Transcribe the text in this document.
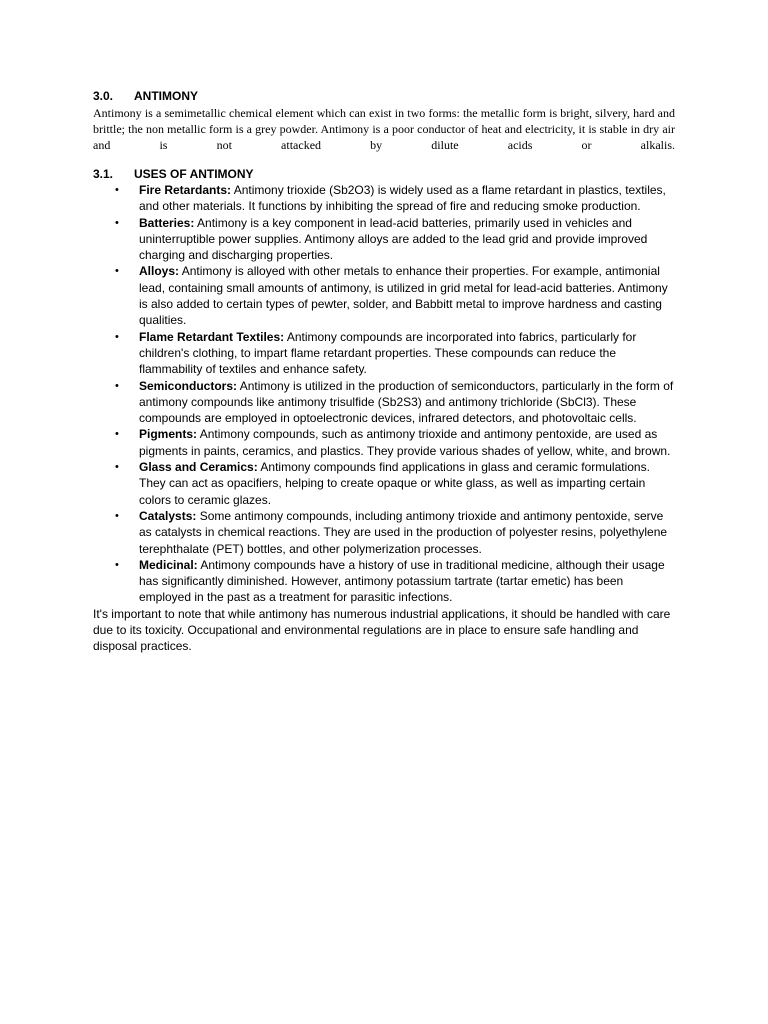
3.0.	ANTIMONY

Antimony is a semimetallic chemical element which can exist in two forms: the metallic form is bright, silvery, hard and brittle; the non metallic form is a grey powder. Antimony is a poor conductor of heat and electricity, it is stable in dry air and is not attacked by dilute acids or alkalis.

3.1.	USES OF ANTIMONY
• Fire Retardants: Antimony trioxide (Sb2O3) is widely used as a flame retardant in plastics, textiles, and other materials. It functions by inhibiting the spread of fire and reducing smoke production.
• Batteries: Antimony is a key component in lead-acid batteries, primarily used in vehicles and uninterruptible power supplies. Antimony alloys are added to the lead grid and provide improved charging and discharging properties.
• Alloys: Antimony is alloyed with other metals to enhance their properties. For example, antimonial lead, containing small amounts of antimony, is utilized in grid metal for lead-acid batteries. Antimony is also added to certain types of pewter, solder, and Babbitt metal to improve hardness and casting qualities.
• Flame Retardant Textiles: Antimony compounds are incorporated into fabrics, particularly for children's clothing, to impart flame retardant properties. These compounds can reduce the flammability of textiles and enhance safety.
• Semiconductors: Antimony is utilized in the production of semiconductors, particularly in the form of antimony compounds like antimony trisulfide (Sb2S3) and antimony trichloride (SbCl3). These compounds are employed in optoelectronic devices, infrared detectors, and photovoltaic cells.
• Pigments: Antimony compounds, such as antimony trioxide and antimony pentoxide, are used as pigments in paints, ceramics, and plastics. They provide various shades of yellow, white, and brown.
• Glass and Ceramics: Antimony compounds find applications in glass and ceramic formulations. They can act as opacifiers, helping to create opaque or white glass, as well as imparting certain colors to ceramic glazes.
• Catalysts: Some antimony compounds, including antimony trioxide and antimony pentoxide, serve as catalysts in chemical reactions. They are used in the production of polyester resins, polyethylene terephthalate (PET) bottles, and other polymerization processes.
• Medicinal: Antimony compounds have a history of use in traditional medicine, although their usage has significantly diminished. However, antimony potassium tartrate (tartar emetic) has been employed in the past as a treatment for parasitic infections.

It's important to note that while antimony has numerous industrial applications, it should be handled with care due to its toxicity. Occupational and environmental regulations are in place to ensure safe handling and disposal practices.
